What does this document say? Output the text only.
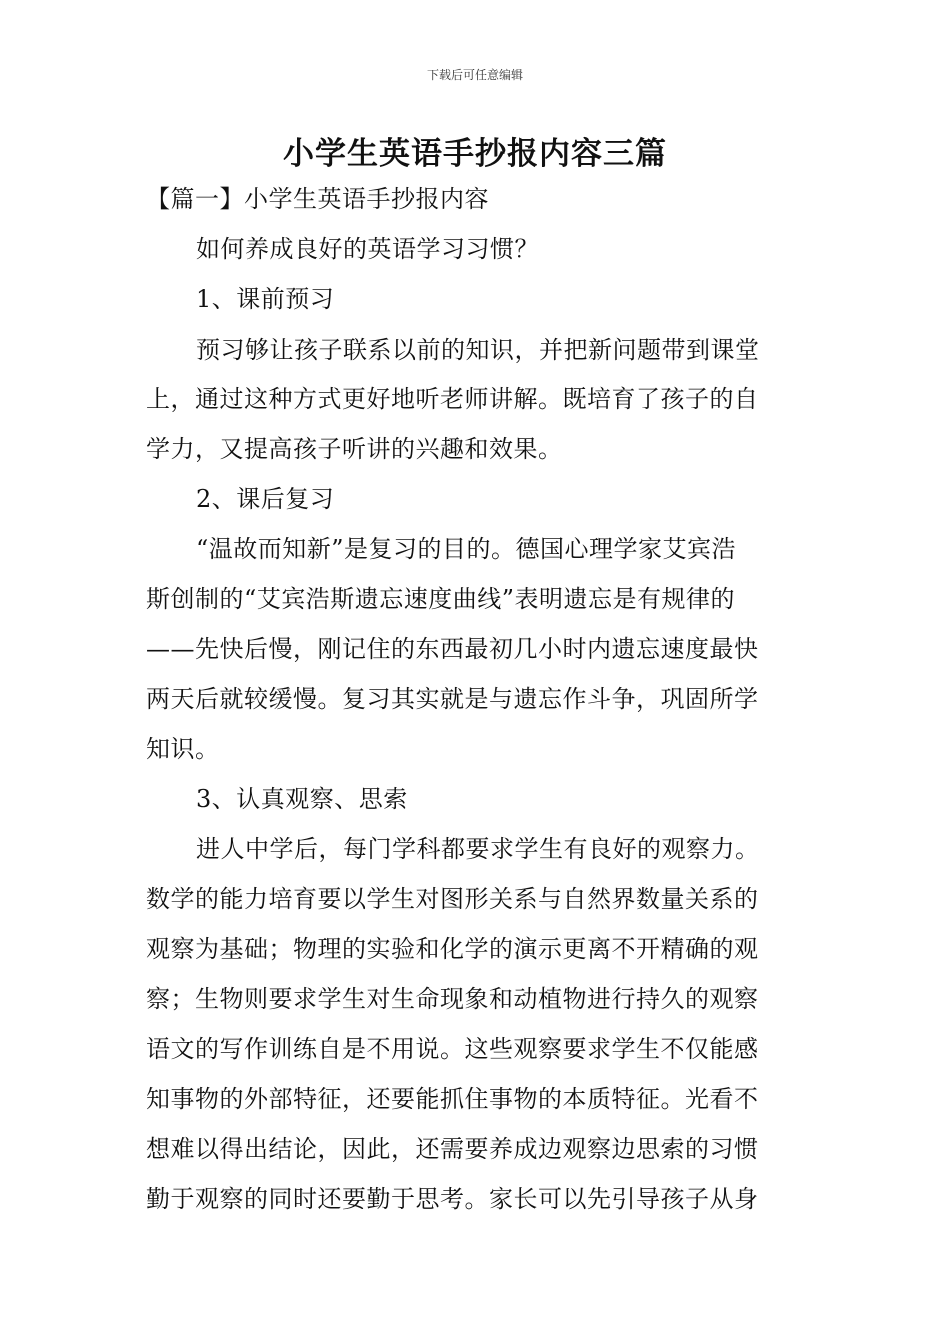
下载后可任意编辑
小学生英语手抄报内容三篇
【篇一】小学生英语手抄报内容
如何养成良好的英语学习习惯？
1、课前预习
预习够让孩子联系以前的知识，并把新问题带到课堂
上，通过这种方式更好地听老师讲解。既培育了孩子的自
学力，又提高孩子听讲的兴趣和效果。
2、课后复习
“温故而知新”是复习的目的。德国心理学家艾宾浩
斯创制的“艾宾浩斯遗忘速度曲线”表明遗忘是有规律的
——先快后慢，刚记住的东西最初几小时内遗忘速度最快
两天后就较缓慢。复习其实就是与遗忘作斗争，巩固所学
知识。
3、认真观察、思索
进人中学后，每门学科都要求学生有良好的观察力。
数学的能力培育要以学生对图形关系与自然界数量关系的
观察为基础；物理的实验和化学的演示更离不开精确的观
察；生物则要求学生对生命现象和动植物进行持久的观察
语文的写作训练自是不用说。这些观察要求学生不仅能感
知事物的外部特征，还要能抓住事物的本质特征。光看不
想难以得出结论，因此，还需要养成边观察边思索的习惯
勤于观察的同时还要勤于思考。家长可以先引导孩子从身
